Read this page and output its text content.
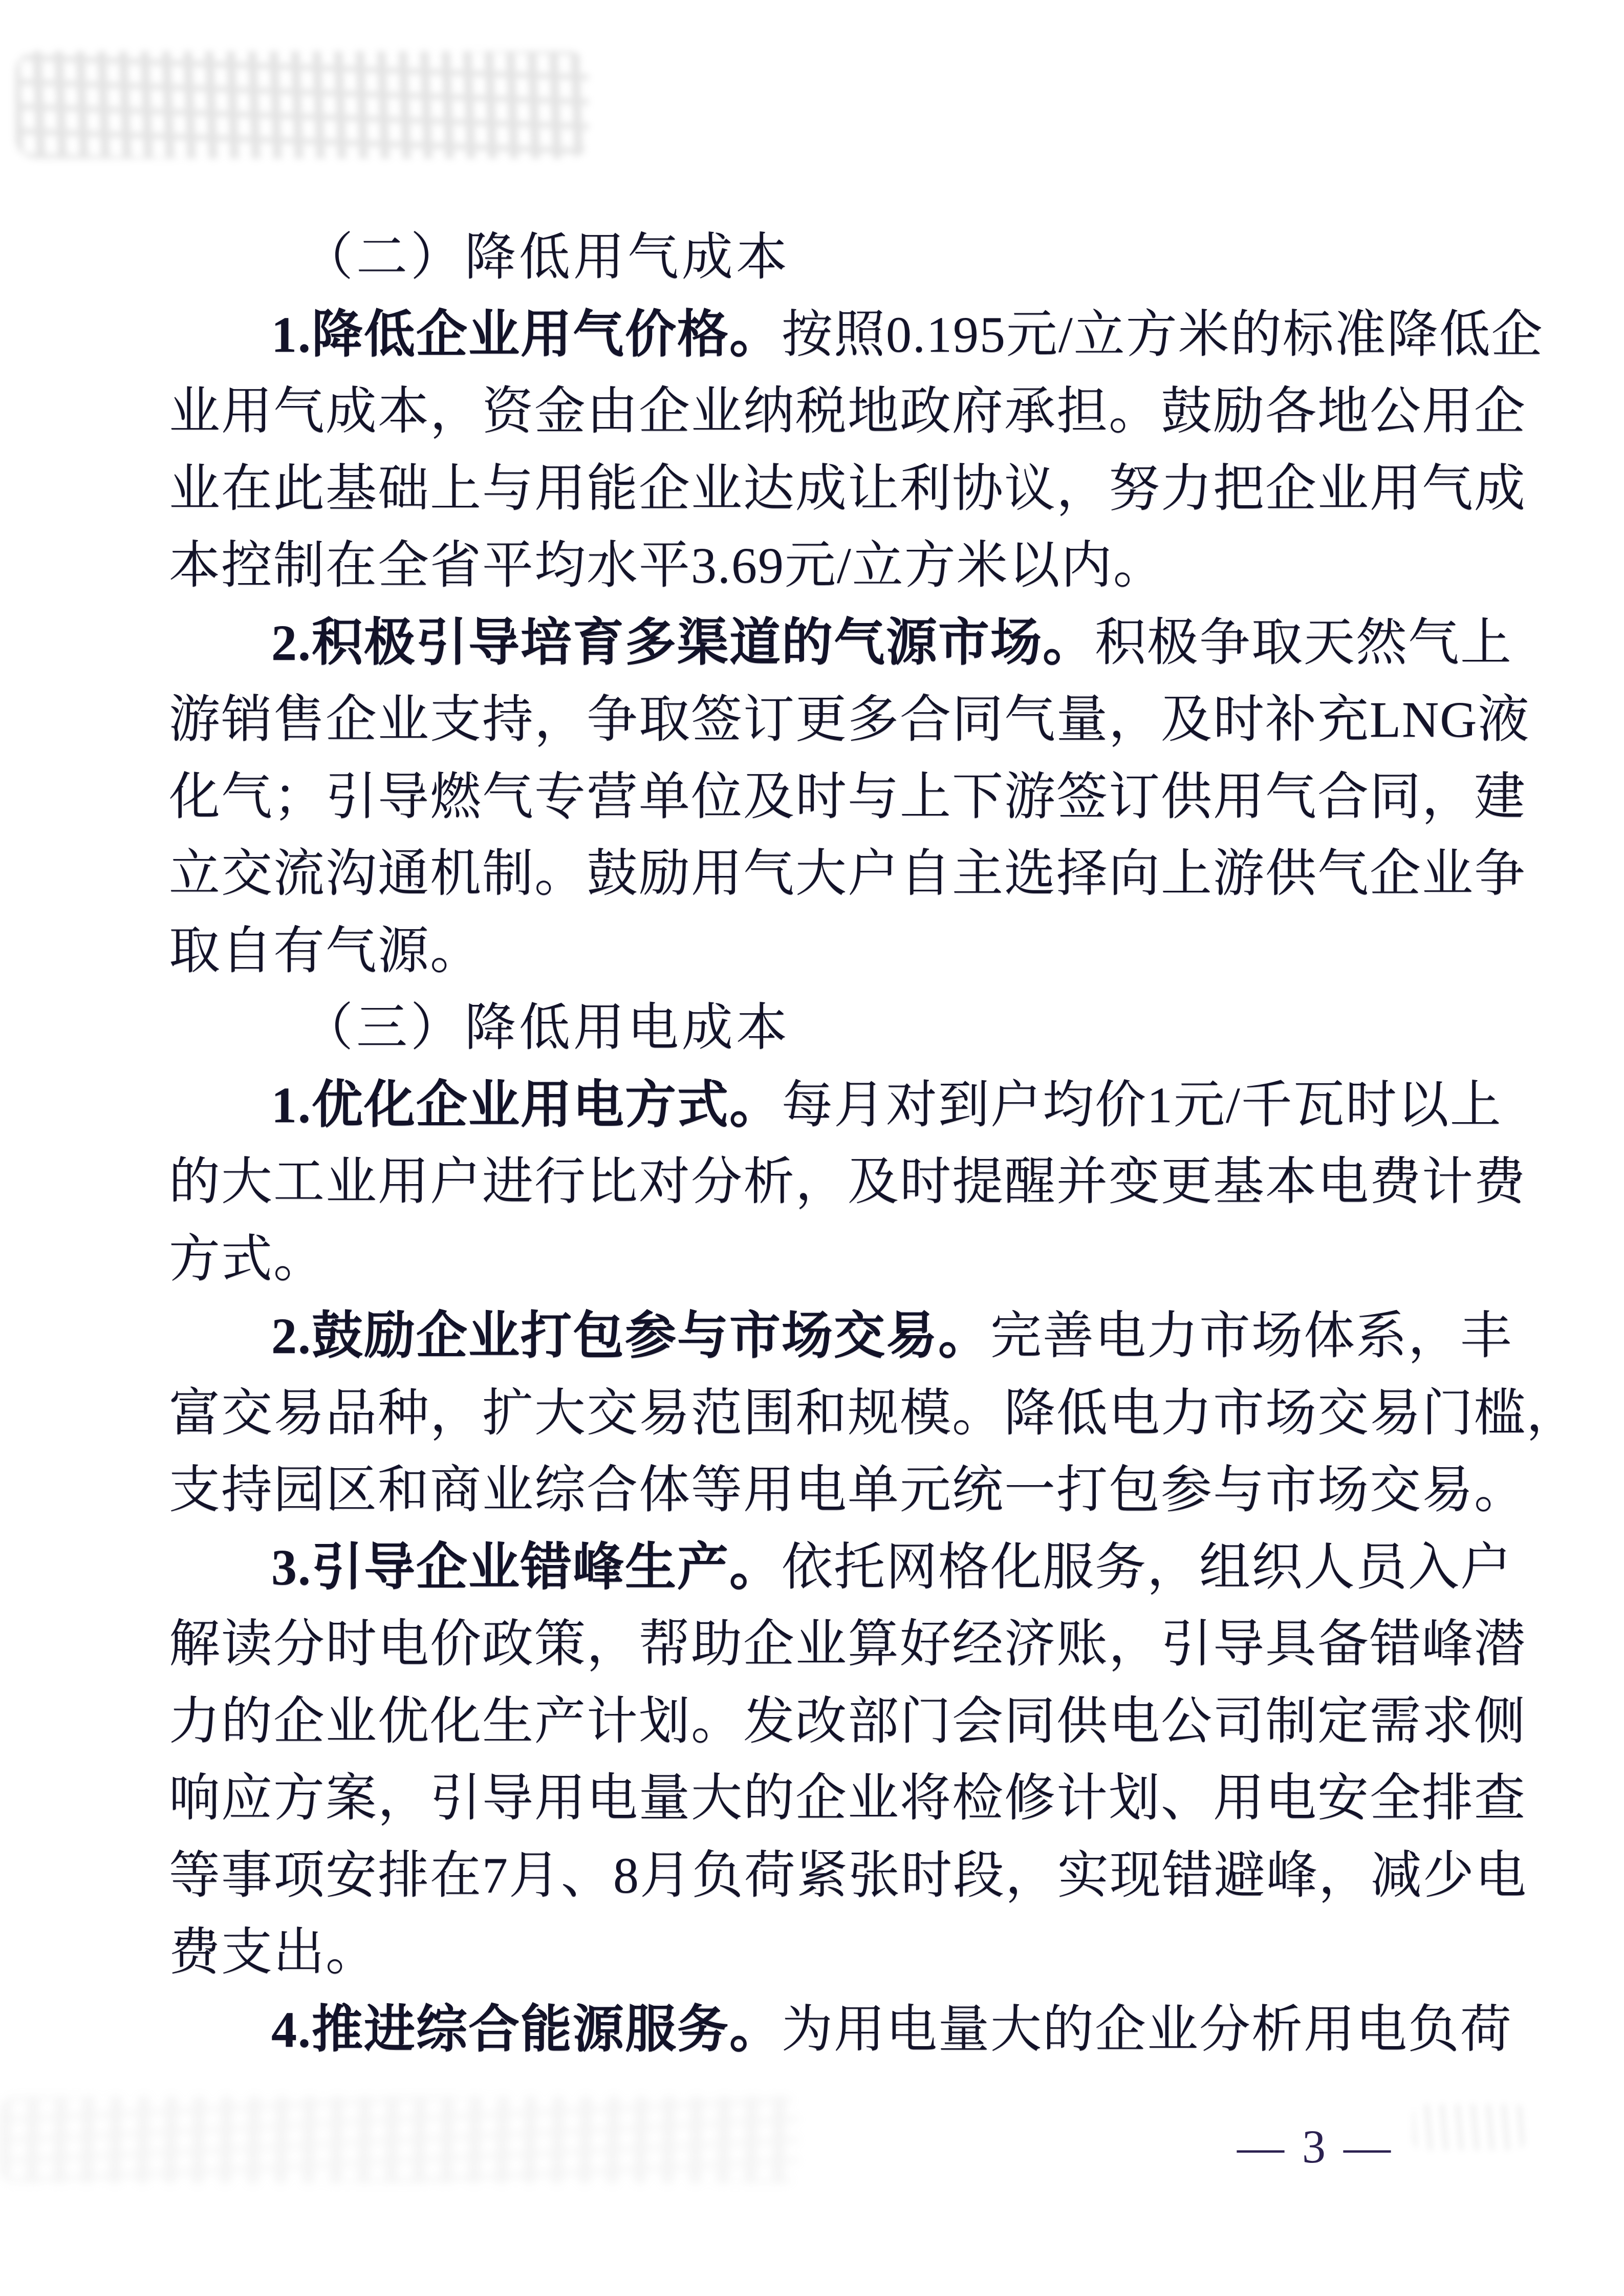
（二）降低用气成本
1.降低企业用气价格。按照0.195元/立方米的标准降低企
业用气成本，资金由企业纳税地政府承担。鼓励各地公用企
业在此基础上与用能企业达成让利协议，努力把企业用气成
本控制在全省平均水平3.69元/立方米以内。
2.积极引导培育多渠道的气源市场。积极争取天然气上
游销售企业支持，争取签订更多合同气量，及时补充LNG液
化气；引导燃气专营单位及时与上下游签订供用气合同，建
立交流沟通机制。鼓励用气大户自主选择向上游供气企业争
取自有气源。
（三）降低用电成本
1.优化企业用电方式。每月对到户均价1元/千瓦时以上
的大工业用户进行比对分析，及时提醒并变更基本电费计费
方式。
2.鼓励企业打包参与市场交易。完善电力市场体系，丰
富交易品种，扩大交易范围和规模。降低电力市场交易门槛，
支持园区和商业综合体等用电单元统一打包参与市场交易。
3.引导企业错峰生产。依托网格化服务，组织人员入户
解读分时电价政策，帮助企业算好经济账，引导具备错峰潜
力的企业优化生产计划。发改部门会同供电公司制定需求侧
响应方案，引导用电量大的企业将检修计划、用电安全排查
等事项安排在7月、8月负荷紧张时段，实现错避峰，减少电
费支出。
4.推进综合能源服务。为用电量大的企业分析用电负荷
— 3 —
